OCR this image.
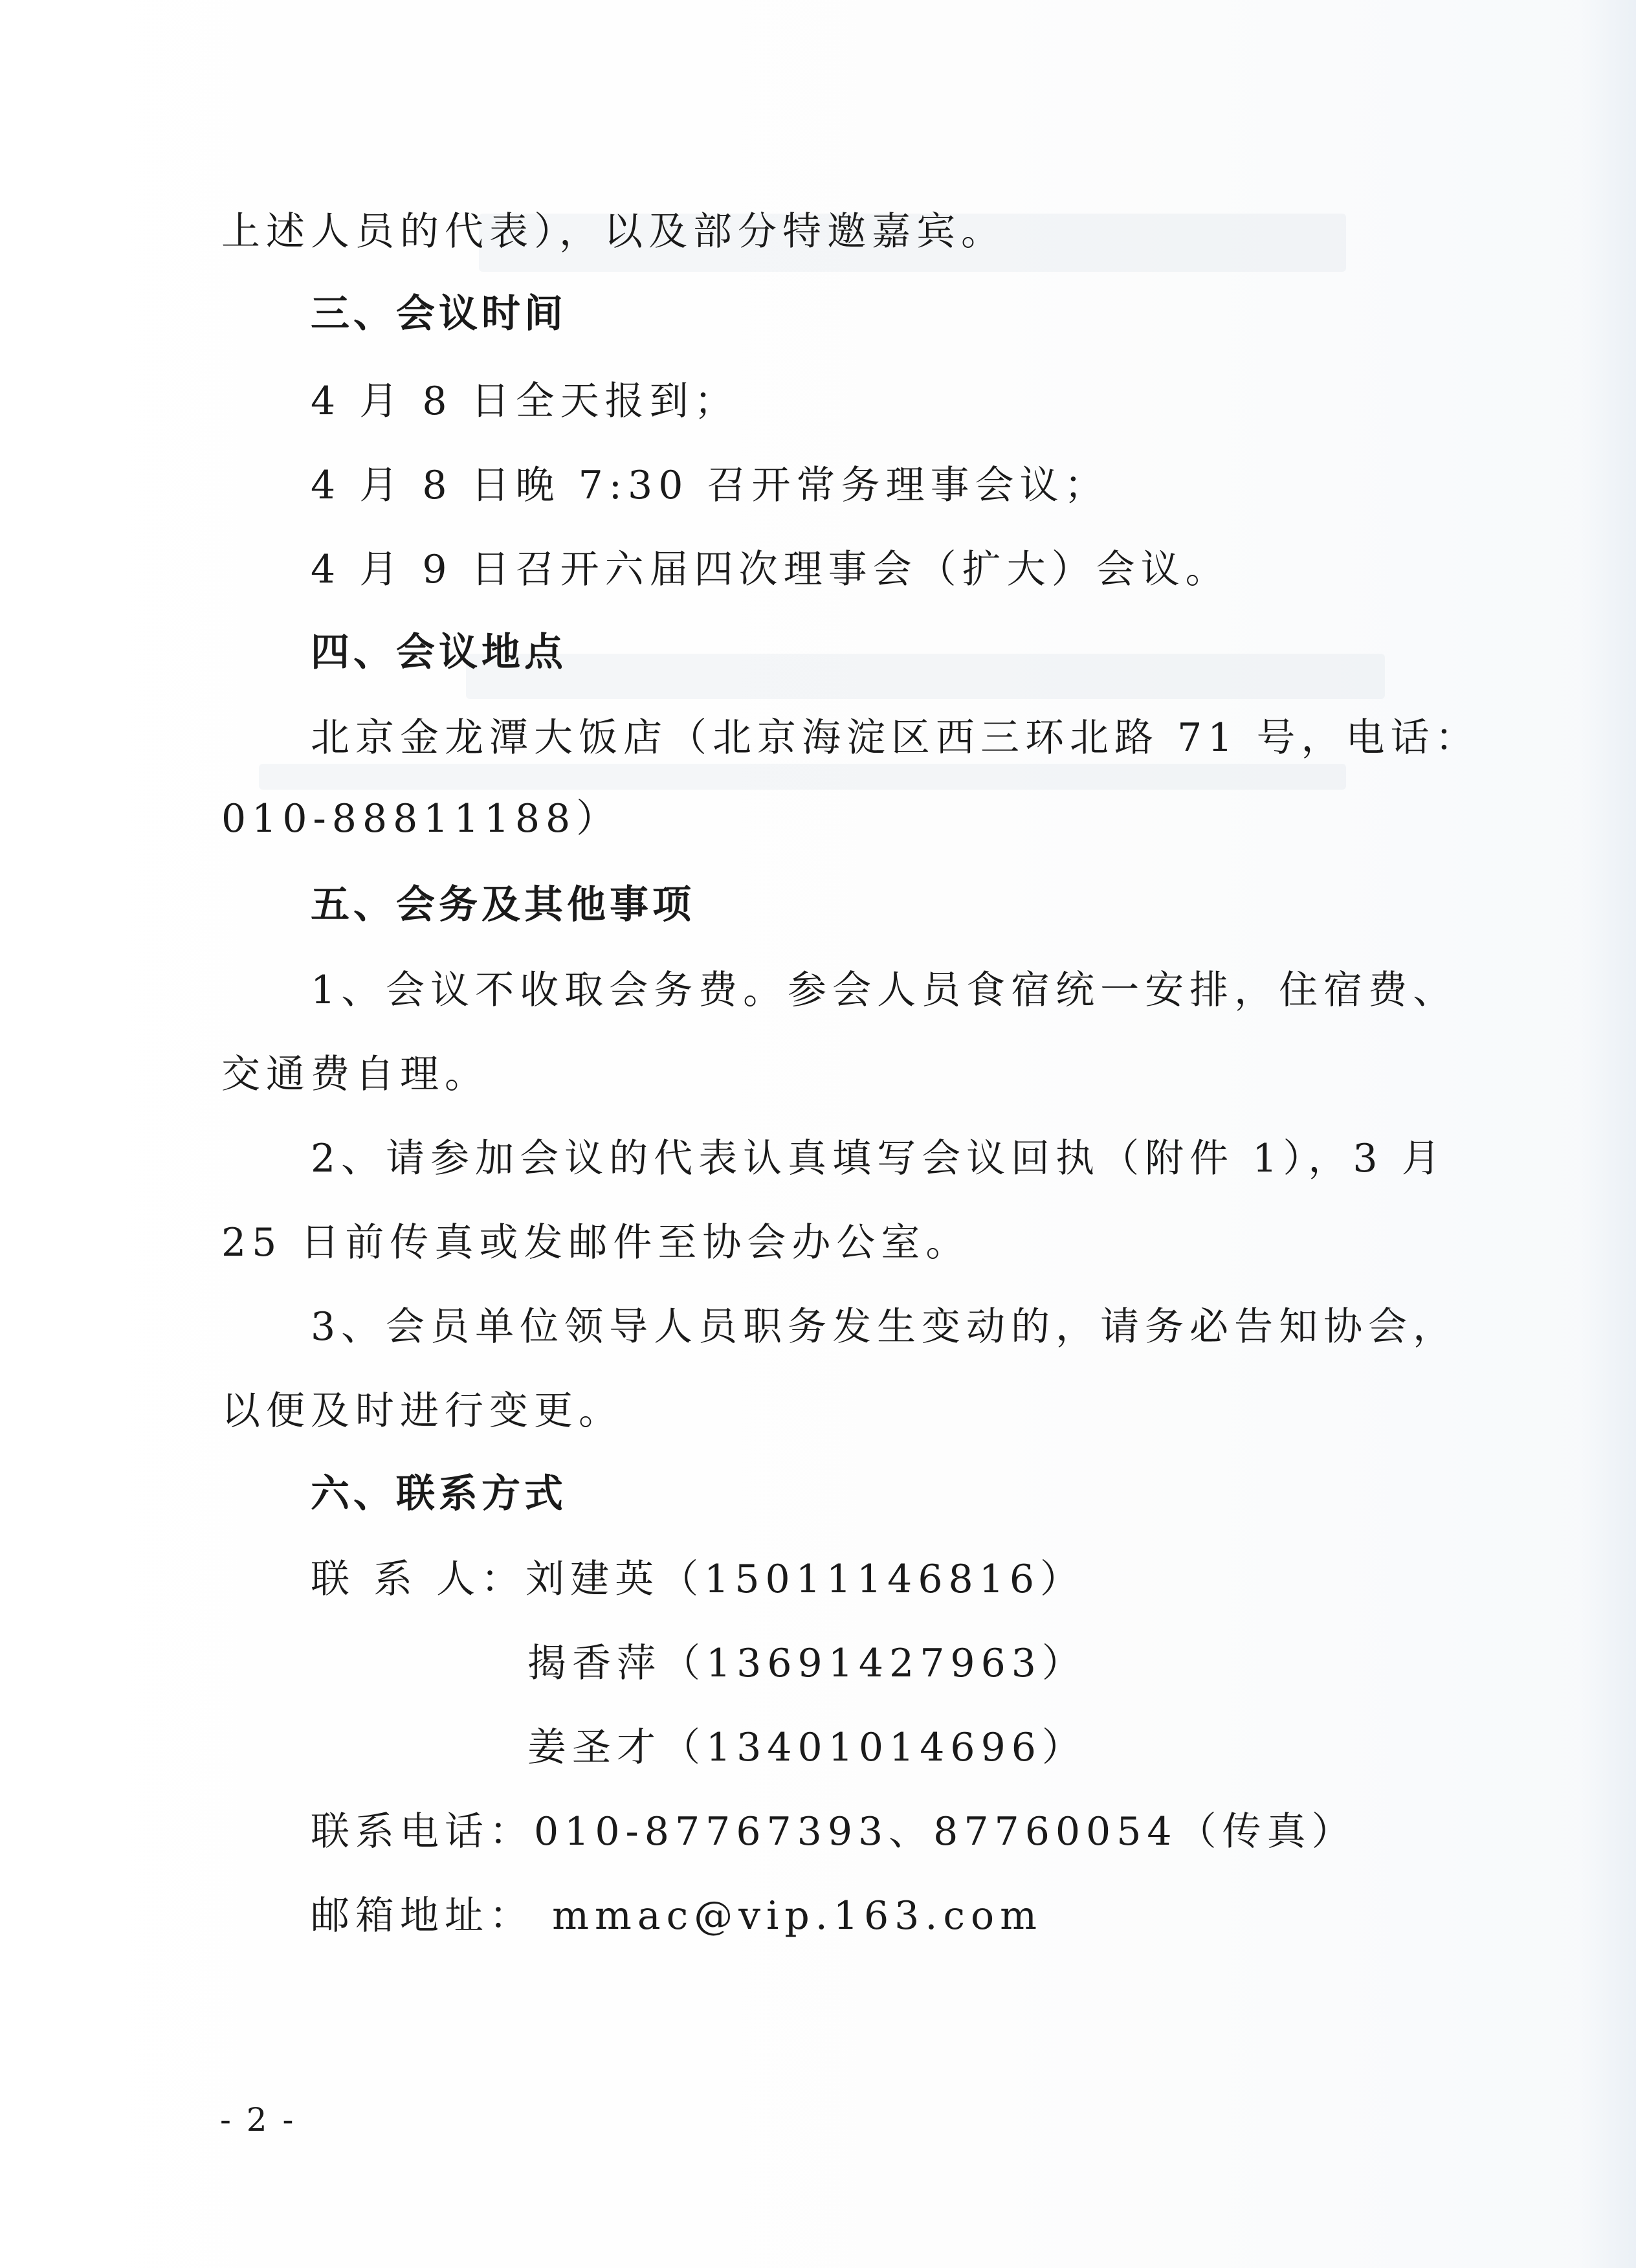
上述人员的代表），以及部分特邀嘉宾。
三、会议时间
4 月 8 日全天报到；
4 月 8 日晚 7:30 召开常务理事会议；
4 月 9 日召开六届四次理事会（扩大）会议。
四、会议地点
北京金龙潭大饭店（北京海淀区西三环北路 71 号，电话：
010-88811188）
五、会务及其他事项
1、会议不收取会务费。参会人员食宿统一安排，住宿费、
交通费自理。
2、请参加会议的代表认真填写会议回执（附件 1），3 月
25 日前传真或发邮件至协会办公室。
3、会员单位领导人员职务发生变动的，请务必告知协会，
以便及时进行变更。
六、联系方式
联 系 人：刘建英（15011146816）
揭香萍（13691427963）
姜圣才（13401014696）
联系电话：010-87767393、87760054（传真）
邮箱地址： mmac@vip.163.com
- 2 -
